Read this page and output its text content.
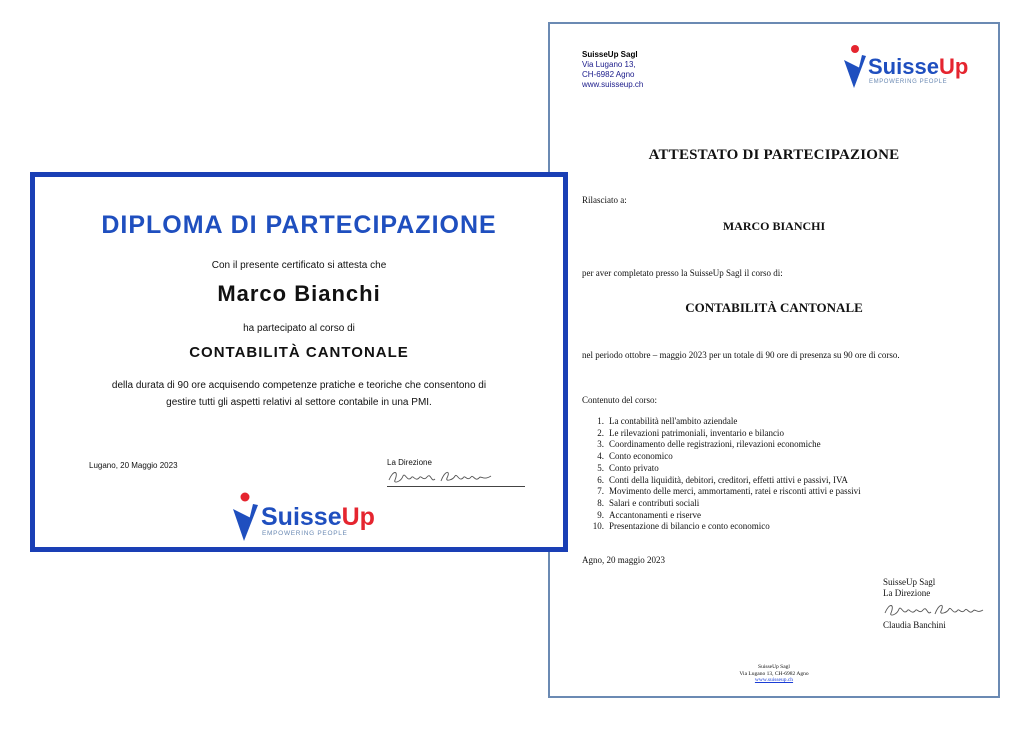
SuisseUp Sagl
Via Lugano 13,
CH-6982 Agno
www.suisseup.ch
SuisseUp
EMPOWERING PEOPLE
ATTESTATO DI PARTECIPAZIONE
Rilasciato a:
MARCO BIANCHI
per aver completato presso la SuisseUp Sagl il corso di:
CONTABILITÀ CANTONALE
nel periodo ottobre – maggio 2023 per un totale di 90 ore di presenza su 90 ore di corso.
Contenuto del corso:
1. La contabilità nell'ambito aziendale
2. Le rilevazioni patrimoniali, inventario e bilancio
3. Coordinamento delle registrazioni, rilevazioni economiche
4. Conto economico
5. Conto privato
6. Conti della liquidità, debitori, creditori, effetti attivi e passivi, IVA
7. Movimento delle merci, ammortamenti, ratei e risconti attivi e passivi
8. Salari e contributi sociali
9. Accantonamenti e riserve
10. Presentazione di bilancio e conto economico
Agno, 20 maggio 2023
SuisseUp Sagl
La Direzione
Claudia Banchini
SuisseUp Sagl
Via Lugano 13, CH-6982 Agno
www.suisseup.ch
DIPLOMA DI PARTECIPAZIONE
Con il presente certificato si attesta che
Marco Bianchi
ha partecipato al corso di
CONTABILITÀ CANTONALE
della durata di 90 ore acquisendo competenze pratiche e teoriche che consentono di gestire tutti gli aspetti relativi al settore contabile in una PMI.
Lugano, 20 Maggio 2023	La Direzione
SuisseUp
EMPOWERING PEOPLE
